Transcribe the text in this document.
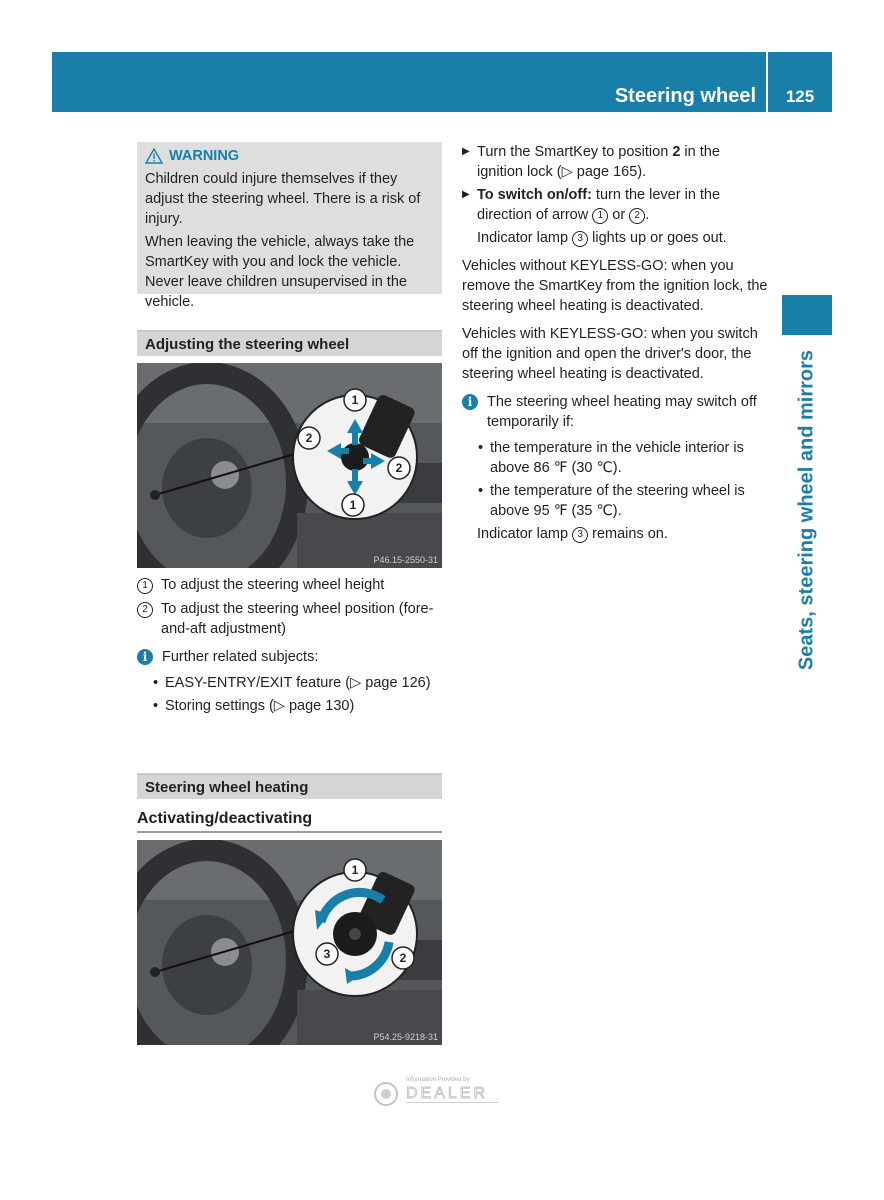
Steering wheel	125
Seats, steering wheel and mirrors
WARNING

Children could injure themselves if they adjust the steering wheel. There is a risk of injury.

When leaving the vehicle, always take the SmartKey with you and lock the vehicle. Never leave children unsupervised in the vehicle.

Adjusting the steering wheel
1
2
2
1
P46.15-2550-31
1 To adjust the steering wheel height
2 To adjust the steering wheel position (fore-and-aft adjustment)
i	Further related subjects:
• EASY-ENTRY/EXIT feature (▷ page 126)
• Storing settings (▷ page 130)
Steering wheel heating
Activating/deactivating
1
3	2
P54.25-9218-31
▶ Turn the SmartKey to position 2 in the ignition lock (▷ page 165).
▶ To switch on/off: turn the lever in the direction of arrow 1 or 2 .
Indicator lamp 3 lights up or goes out.

Vehicles without KEYLESS-GO: when you remove the SmartKey from the ignition lock, the steering wheel heating is deactivated.

Vehicles with KEYLESS-GO: when you switch off the ignition and open the driver's door, the steering wheel heating is deactivated.

i	The steering wheel heating may switch off temporarily if:
• the temperature in the vehicle interior is above 86 ℉ (30 ℃).
• the temperature of the steering wheel is above 95 ℉ (35 ℃).
Indicator lamp 3 remains on.
Information Provided by:
DEALER
